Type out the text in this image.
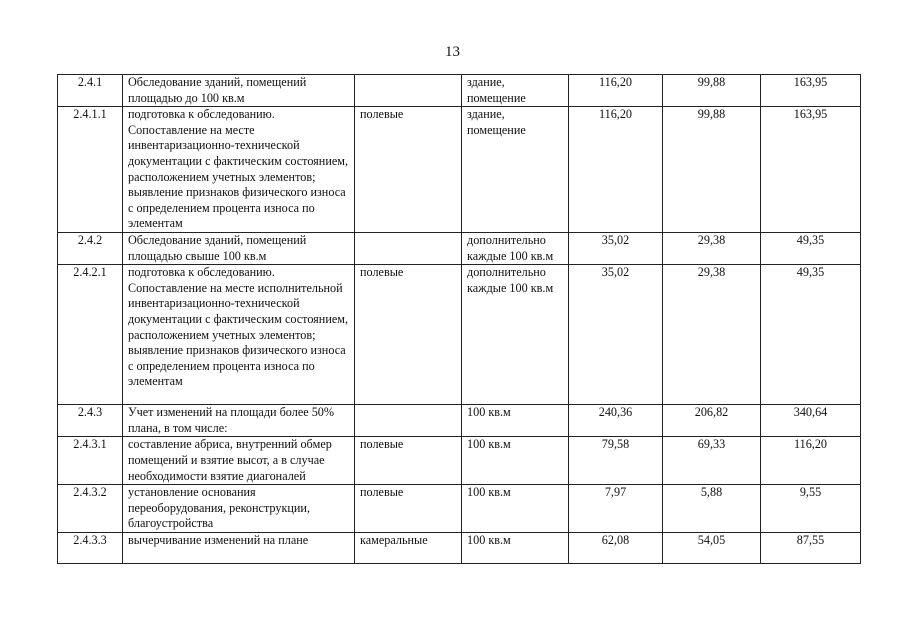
13
2.4.1	Обследование зданий, помещений площадью до 100 кв.м		здание, помещение	116,20	99,88	163,95
2.4.1.1	подготовка к обследованию. Сопоставление на месте инвентаризационно-технической документации с фактическим состоянием, расположением учетных элементов; выявление признаков физического износа с определением процента износа по элементам	полевые	здание, помещение	116,20	99,88	163,95
2.4.2	Обследование зданий, помещений площадью свыше 100 кв.м		дополнительно каждые 100 кв.м	35,02	29,38	49,35
2.4.2.1	подготовка к обследованию. Сопоставление на месте исполнительной инвентаризационно-технической документации с фактическим состоянием, расположением учетных элементов; выявление признаков физического износа с определением процента износа по элементам	полевые	дополнительно каждые 100 кв.м	35,02	29,38	49,35
2.4.3	Учет изменений на площади более 50% плана, в том числе:		100 кв.м	240,36	206,82	340,64
2.4.3.1	составление абриса, внутренний обмер помещений и взятие высот, а в случае необходимости взятие диагоналей	полевые	100 кв.м	79,58	69,33	116,20
2.4.3.2	установление основания переоборудования, реконструкции, благоустройства	полевые	100 кв.м	7,97	5,88	9,55
2.4.3.3	вычерчивание изменений на плане	камеральные	100 кв.м	62,08	54,05	87,55
